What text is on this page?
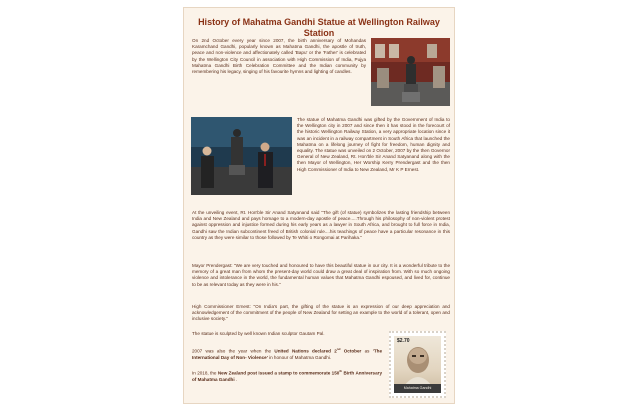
History of Mahatma Gandhi Statue at Wellington Railway Station

On 2nd October every year since 2007, the birth anniversary of Mohandas Karamchand Gandhi, popularly known as Mahatma Gandhi, the apostle of truth, peace and non-violence and affectionately called 'Bapu' or the 'Father' is celebrated by the Wellington City Council in association with High Commission of India, Pujya Mahatma Gandhi Birth Celebration Committee and the Indian community by remembering his legacy, singing of his favourite hymns and lighting of candles.

The statue of Mahatma Gandhi was gifted by the Government of India to the Wellington city in 2007 and since then it has stood in the forecourt of the historic Wellington Railway Station, a very appropriate location since it was an incident in a railway compartment in South Africa that launched the Mahatma on a lifelong journey of fight for freedom, human dignity and equality. The statue was unveiled on 2 October, 2007 by the then Governor General of New Zealand, Rt. Hon'ble Sir Anand Satyanand along with the then Mayor of Wellington, Her Worship Kerry Prendergast and the then High Commissioner of India to New Zealand, Mr K P Ernest.

At the unveiling event, Rt. Hon'ble Sir Anand Satyanand said "The gift (of statue) symbolizes the lasting friendship between India and New Zealand and pays homage to a modern-day apostle of peace.....Through his philosophy of non-violent protest against oppression and injustice formed during his early years as a lawyer in South Africa, and brought to full force in India, Gandhi saw the Indian subcontinent freed of British colonial rule....his teachings of peace have a particular resonance in this country as they were similar to those followed by Te Whiti o Rongomai at Parihaka."

Mayor Prendergast: "We are very touched and honoured to have this beautiful statue in our city. It is a wonderful tribute to the memory of a great man from whom the present-day world could draw a great deal of inspiration from. With so much ongoing violence and intolerance in the world, the fundamental human values that Mahatma Gandhi espoused, and lived for, continue to be as relevant today as they were in his."

High Commissioner Ernest: "On India's part, the gifting of the statue is an expression of our deep appreciation and acknowledgement of the commitment of the people of New Zealand for setting an example to the world of a tolerant, open and inclusive society."

The statue is sculpted by well known Indian sculptor Gautam Pal.

2007 was also the year when the United Nations declared 2nd October as 'The International Day of Non- Violence' in honour of Mahatma Gandhi.

In 2018, the New Zealand post issued a stamp to commemorate 150th Birth Anniversary of Mahatma Gandhi .

$2.70
Mahatma Gandhi
